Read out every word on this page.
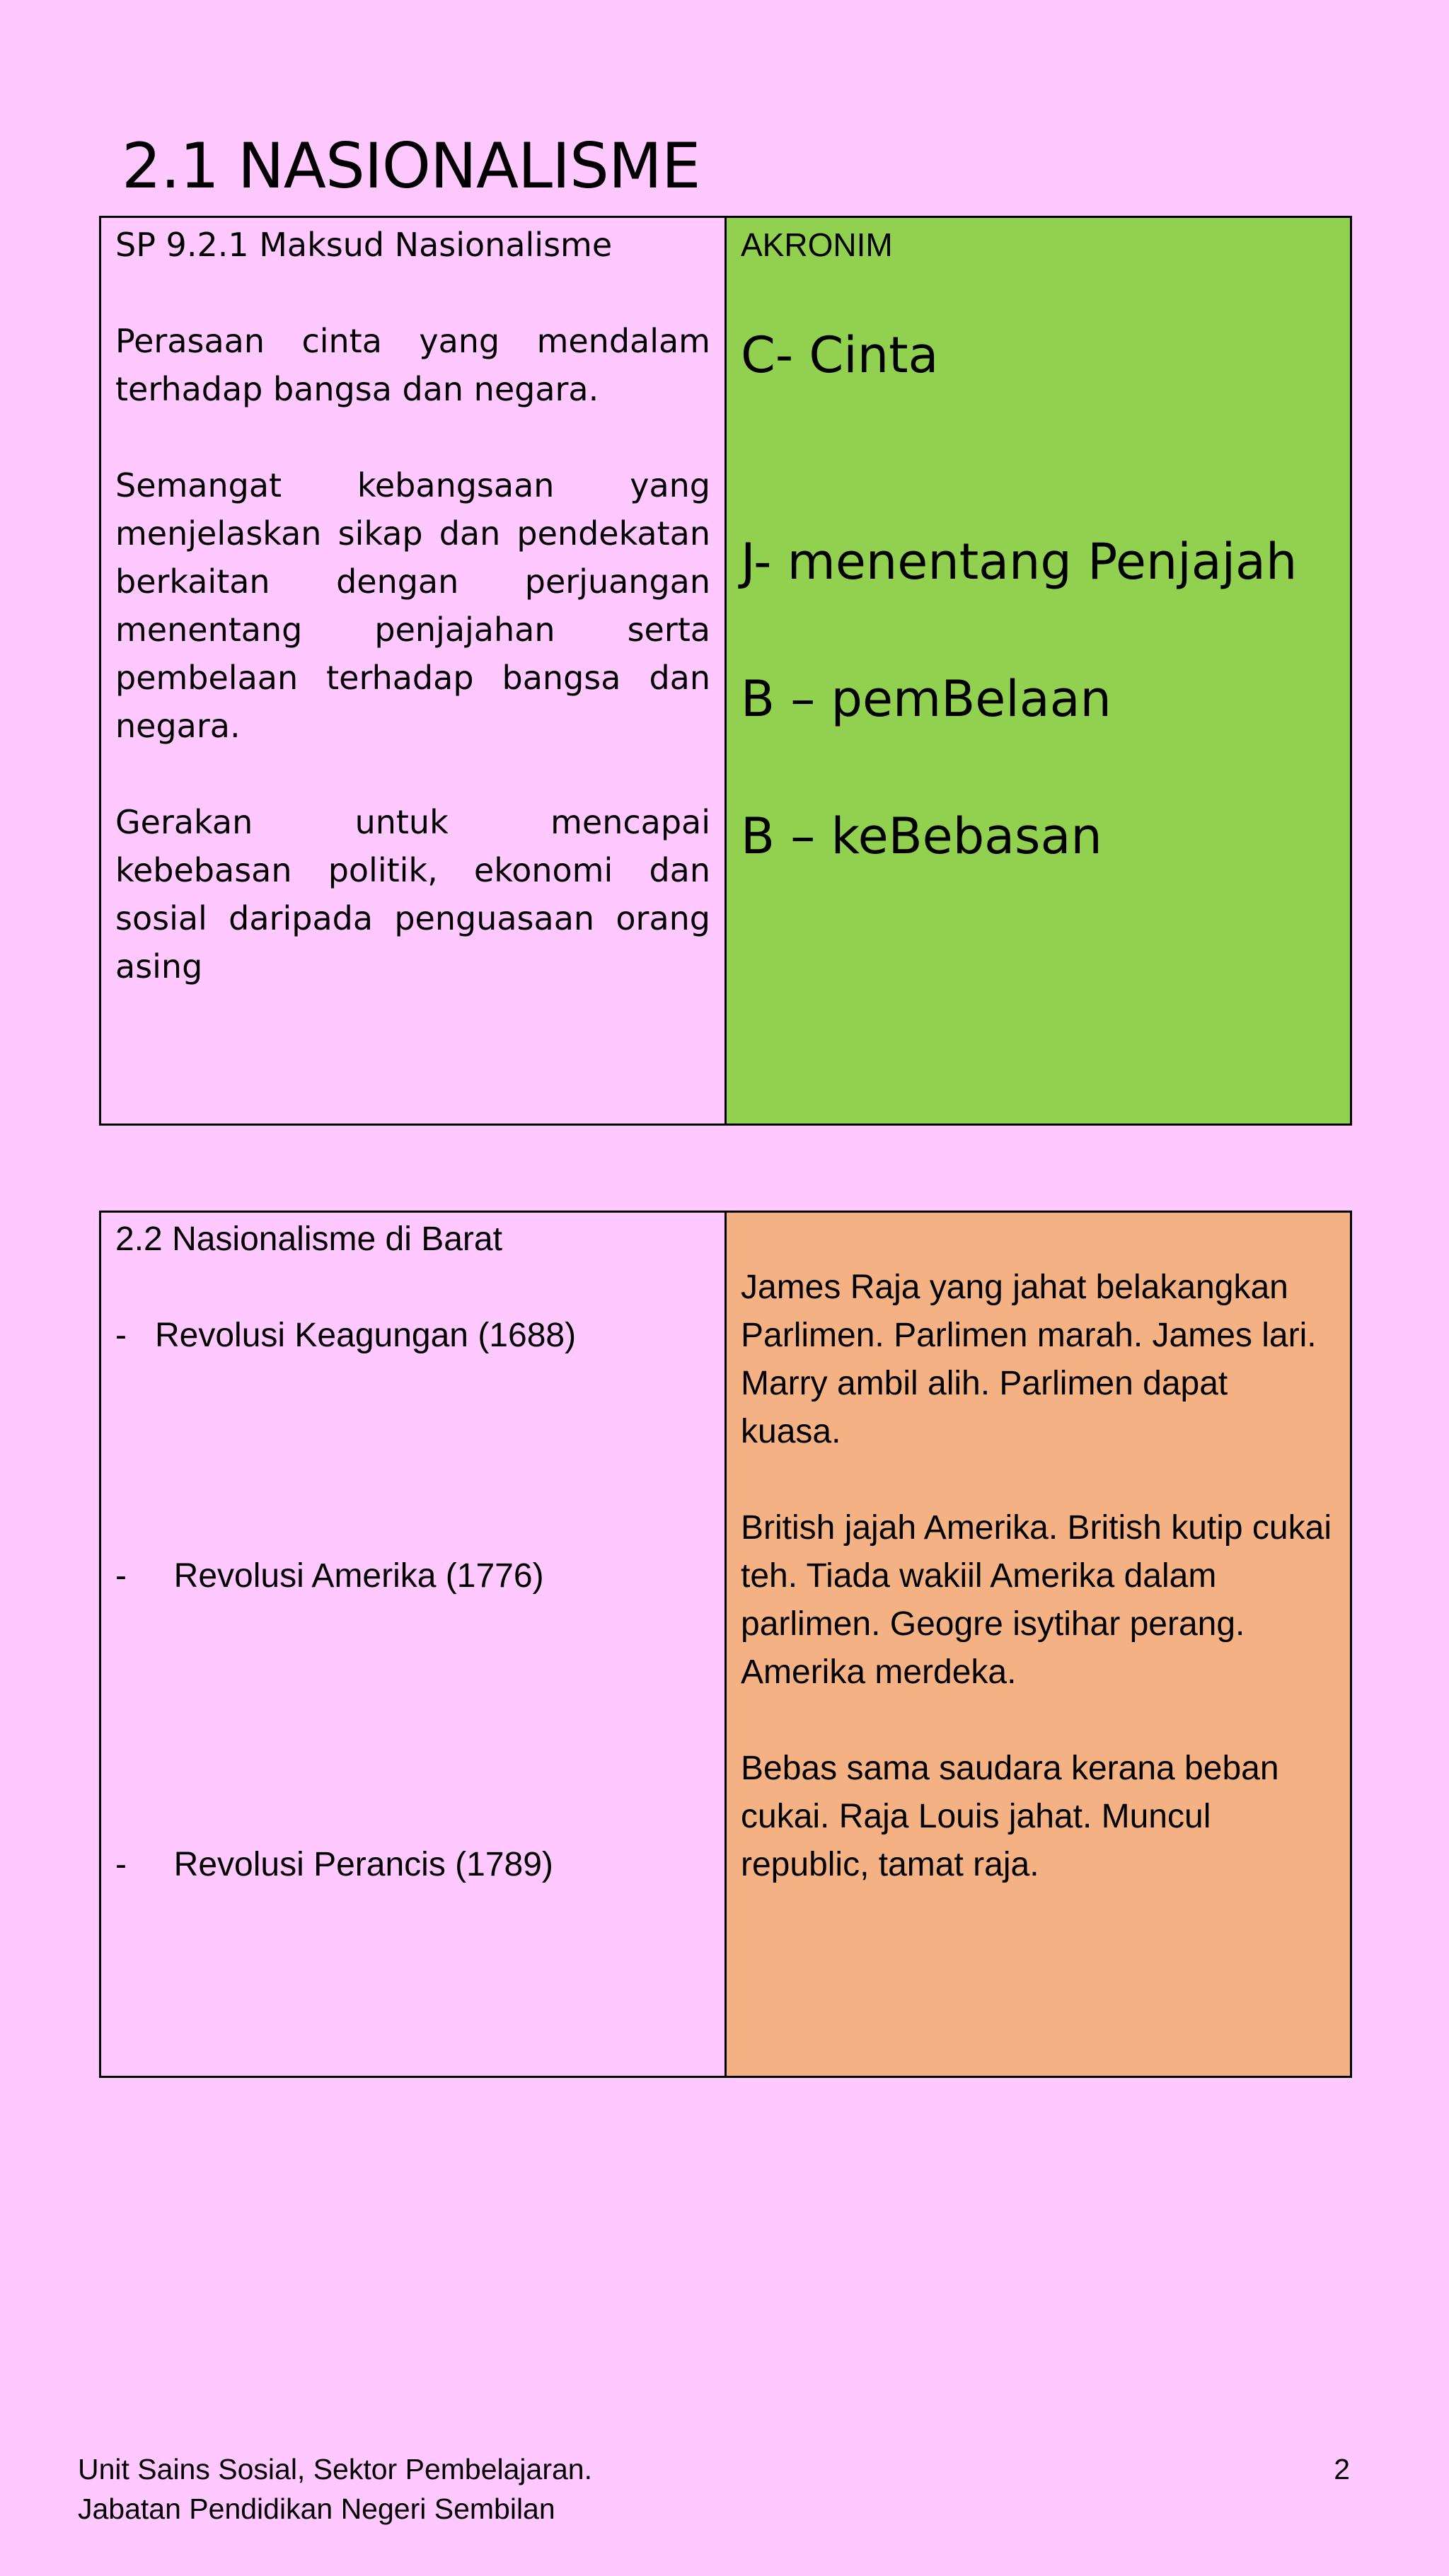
2.1 NASIONALISME
SP 9.2.1 Maksud Nasionalisme

Perasaan cinta yang mendalam terhadap bangsa dan negara.

Semangat kebangsaan yang menjelaskan sikap dan pendekatan berkaitan dengan perjuangan menentang penjajahan serta pembelaan terhadap bangsa dan negara.

Gerakan untuk mencapai kebebasan politik, ekonomi dan sosial daripada penguasaan orang asing

AKRONIM

C- Cinta

J- menentang Penjajah

B – pemBelaan

B – keBebasan

2.2 Nasionalisme di Barat

-   Revolusi Keagungan (1688)

-     Revolusi Amerika (1776)

-     Revolusi Perancis (1789)

James Raja yang jahat belakangkan Parlimen. Parlimen marah. James lari. Marry ambil alih. Parlimen dapat kuasa.

British jajah Amerika. British kutip cukai teh. Tiada wakiil Amerika dalam parlimen. Geogre isytihar perang. Amerika merdeka.

Bebas sama saudara kerana beban cukai. Raja Louis jahat. Muncul republic, tamat raja.

Unit Sains Sosial, Sektor Pembelajaran.
Jabatan Pendidikan Negeri Sembilan
2
